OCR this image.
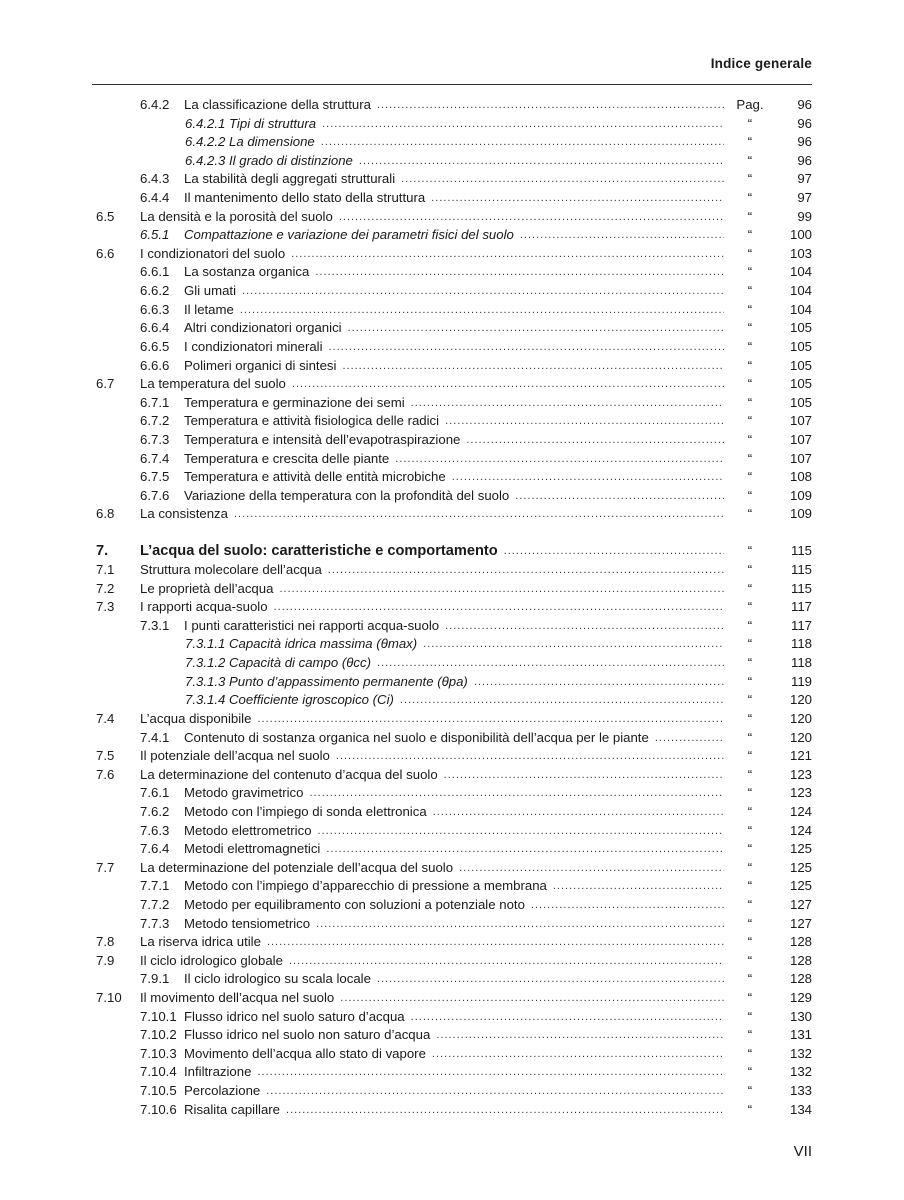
Indice generale
6.4.2	La classificazione della struttura .....	Pag.	96
6.4.2.1 Tipi di struttura .....	“	96
6.4.2.2 La dimensione .....	“	96
6.4.2.3 Il grado di distinzione .....	“	96
6.4.3	La stabilità degli aggregati strutturali .....	“	97
6.4.4	Il mantenimento dello stato della struttura .....	“	97
6.5	La densità e la porosità del suolo .....	“	99
6.5.1	Compattazione e variazione dei parametri fisici del suolo .....	“	100
6.6	I condizionatori del suolo .....	“	103
6.6.1	La sostanza organica .....	“	104
6.6.2	Gli umati .....	“	104
6.6.3	Il letame .....	“	104
6.6.4	Altri condizionatori organici .....	“	105
6.6.5	I condizionatori minerali .....	“	105
6.6.6	Polimeri organici di sintesi .....	“	105
6.7	La temperatura del suolo .....	“	105
6.7.1	Temperatura e germinazione dei semi .....	“	105
6.7.2	Temperatura e attività fisiologica delle radici .....	“	107
6.7.3	Temperatura e intensità dell’evapotraspirazione .....	“	107
6.7.4	Temperatura e crescita delle piante .....	“	107
6.7.5	Temperatura e attività delle entità microbiche .....	“	108
6.7.6	Variazione della temperatura con la profondità del suolo .....	“	109
6.8	La consistenza .....	“	109
7.	L’acqua del suolo: caratteristiche e comportamento .....	“	115
7.1	Struttura molecolare dell’acqua .....	“	115
7.2	Le proprietà dell’acqua .....	“	115
7.3	I rapporti acqua-suolo .....	“	117
7.3.1	I punti caratteristici nei rapporti acqua-suolo .....	“	117
7.3.1.1 Capacità idrica massima (θmax) .....	“	118
7.3.1.2 Capacità di campo (θcc) .....	“	118
7.3.1.3 Punto d’appassimento permanente (θpa) .....	“	119
7.3.1.4 Coefficiente igroscopico (Ci) .....	“	120
7.4	L’acqua disponibile .....	“	120
7.4.1	Contenuto di sostanza organica nel suolo e disponibilità dell’acqua per le piante .....	“	120
7.5	Il potenziale dell’acqua nel suolo .....	“	121
7.6	La determinazione del contenuto d’acqua del suolo .....	“	123
7.6.1	Metodo gravimetrico .....	“	123
7.6.2	Metodo con l’impiego di sonda elettronica .....	“	124
7.6.3	Metodo elettrometrico .....	“	124
7.6.4	Metodi elettromagnetici .....	“	125
7.7	La determinazione del potenziale dell’acqua del suolo .....	“	125
7.7.1	Metodo con l’impiego d’apparecchio di pressione a membrana .....	“	125
7.7.2	Metodo per equilibramento con soluzioni a potenziale noto .....	“	127
7.7.3	Metodo tensiometrico .....	“	127
7.8	La riserva idrica utile .....	“	128
7.9	Il ciclo idrologico globale .....	“	128
7.9.1	Il ciclo idrologico su scala locale .....	“	128
7.10	Il movimento dell’acqua nel suolo .....	“	129
7.10.1 Flusso idrico nel suolo saturo d’acqua .....	“	130
7.10.2 Flusso idrico nel suolo non saturo d’acqua .....	“	131
7.10.3 Movimento dell’acqua allo stato di vapore .....	“	132
7.10.4 Infiltrazione .....	“	132
7.10.5 Percolazione .....	“	133
7.10.6 Risalita capillare .....	“	134
VII
